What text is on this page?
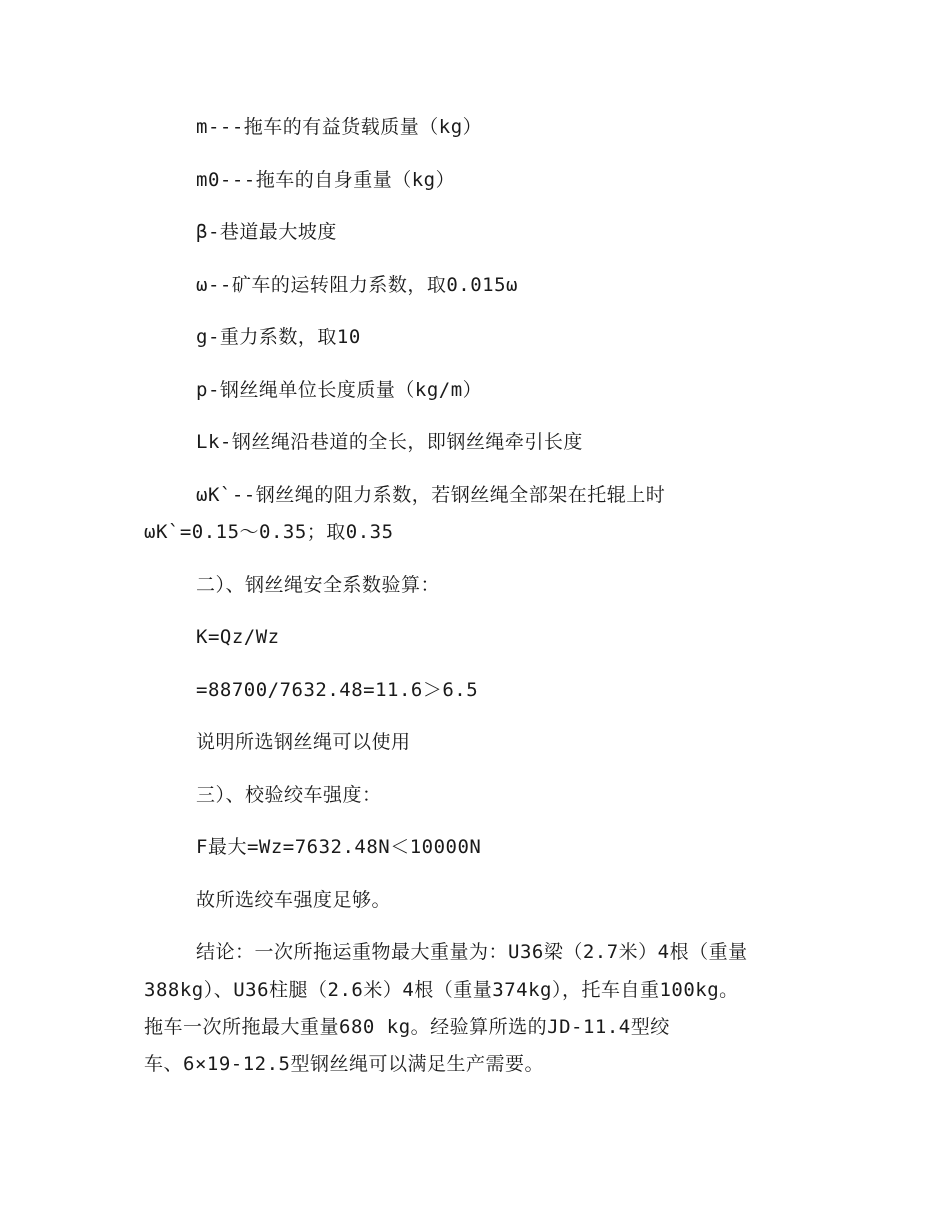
m---拖车的有益货载质量（kg）
m0---拖车的自身重量（kg）
β-巷道最大坡度
ω--矿车的运转阻力系数，取0.015ω
g-重力系数，取10
p-钢丝绳单位长度质量（kg/m）
Lk-钢丝绳沿巷道的全长，即钢丝绳牵引长度
ωK`--钢丝绳的阻力系数，若钢丝绳全部架在托辊上时
ωK`=0.15～0.35；取0.35
二）、钢丝绳安全系数验算：
K=Qz/Wz
=88700/7632.48=11.6＞6.5
说明所选钢丝绳可以使用
三）、校验绞车强度：
F最大=Wz=7632.48N＜10000N
故所选绞车强度足够。
结论：一次所拖运重物最大重量为：U36梁（2.7米）4根（重量
388kg）、U36柱腿（2.6米）4根（重量374kg），托车自重100kg。
拖车一次所拖最大重量680 kg。经验算所选的JD-11.4型绞
车、6×19-12.5型钢丝绳可以满足生产需要。
